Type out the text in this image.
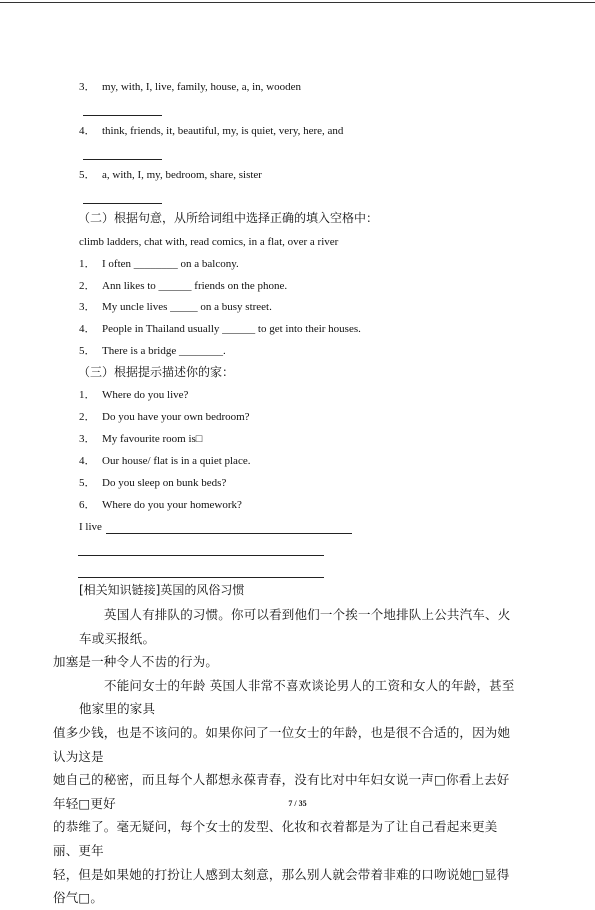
3． my, with, I, live, family, house, a, in, wooden
4． think, friends, it, beautiful, my, is quiet, very, here, and
5． a, with, I, my, bedroom, share, sister
（二）根据句意，从所给词组中选择正确的填入空格中：
climb ladders, chat with, read comics, in a flat, over a river
1． I often ________ on a balcony.
2． Ann likes to ______ friends on the phone.
3． My uncle lives _____ on a busy street.
4． People in Thailand usually ______ to get into their houses.
5． There is a bridge ________.
（三）根据提示描述你的家：
1． Where do you live?
2． Do you have your own bedroom?
3． My favourite room is□
4． Our house/ flat is in a quiet place.
5． Do you sleep on bunk beds?
6． Where do you your homework?
I live
[相关知识链接]英国的风俗习惯

英国人有排队的习惯。你可以看到他们一个挨一个地排队上公共汽车、火车或买报纸。

加塞是一种令人不齿的行为。

不能问女士的年龄 英国人非常不喜欢谈论男人的工资和女人的年龄，甚至他家里的家具

值多少钱，也是不该问的。如果你问了一位女士的年龄，也是很不合适的，因为她认为这是

她自己的秘密，而且每个人都想永葆青春，没有比对中年妇女说一声□你看上去好年轻□更好

的恭维了。毫无疑问，每个女士的发型、化妆和衣着都是为了让自己看起来更美丽、更年

轻，但是如果她的打扮让人感到太刻意，那么别人就会带着非难的口吻说她□显得俗气□。

7 / 35
